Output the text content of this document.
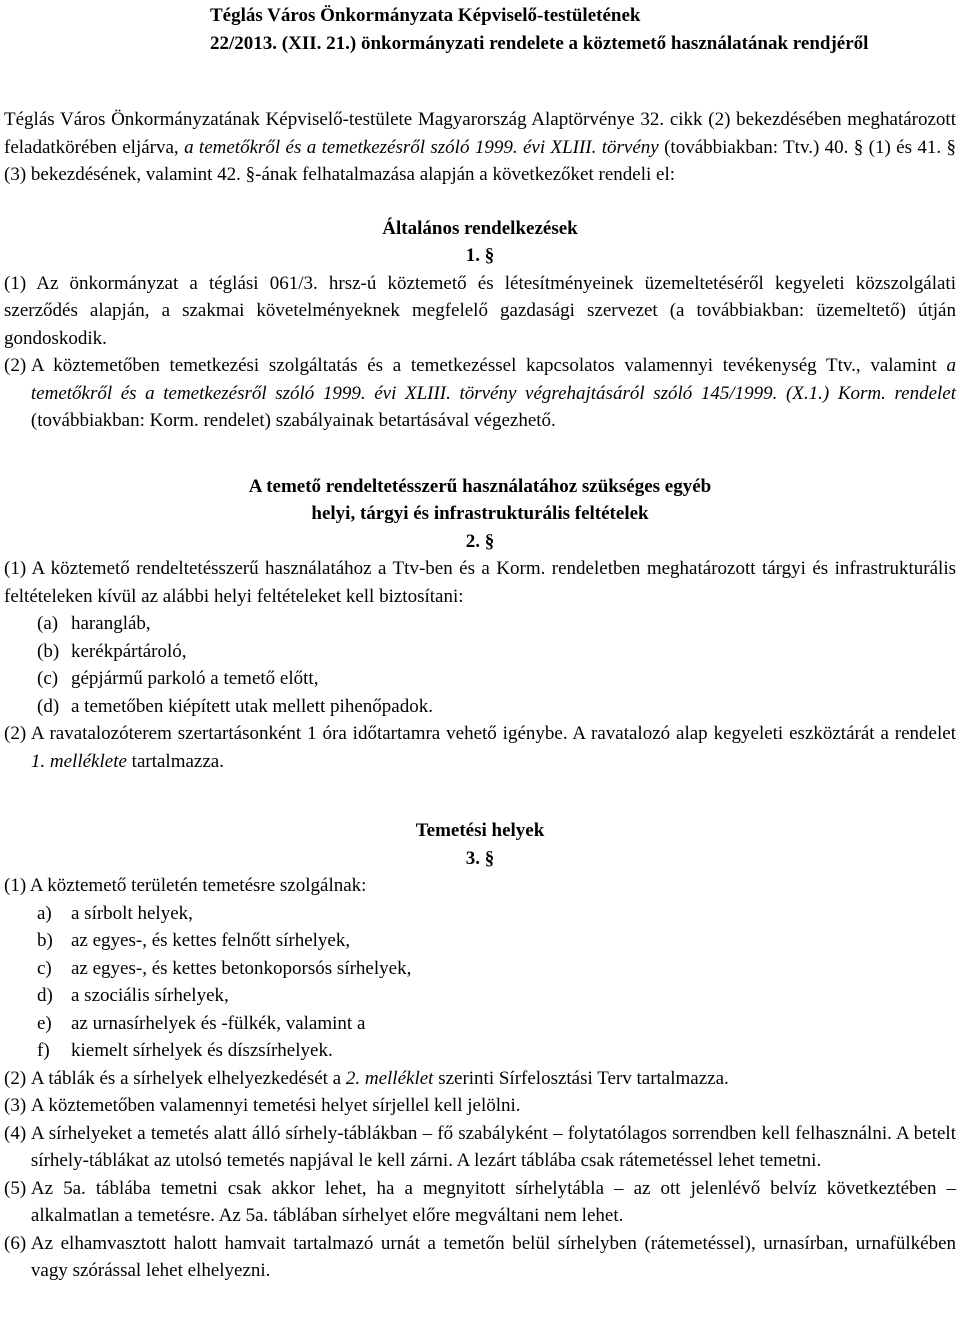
Téglás Város Önkormányzata Képviselő-testületének

22/2013. (XII. 21.) önkormányzati rendelete a köztemető használatának rendjéről

Téglás Város Önkormányzatának Képviselő-testülete Magyarország Alaptörvénye 32. cikk (2) bekezdésében meghatározott feladatkörében eljárva, a temetőkről és a temetkezésről szóló 1999. évi XLIII. törvény (továbbiakban: Ttv.) 40. § (1) és 41. § (3) bekezdésének, valamint 42. §-ának felhatalmazása alapján a következőket rendeli el:

Általános rendelkezések

1. §

(1) Az önkormányzat a téglási 061/3. hrsz-ú köztemető és létesítményeinek üzemeltetéséről kegyeleti közszolgálati szerződés alapján, a szakmai követelményeknek megfelelő gazdasági szervezet (a továbbiakban: üzemeltető) útján gondoskodik.

(2) A köztemetőben temetkezési szolgáltatás és a temetkezéssel kapcsolatos valamennyi tevékenység Ttv., valamint a temetőkről és a temetkezésről szóló 1999. évi XLIII. törvény végrehajtásáról szóló 145/1999. (X.1.) Korm. rendelet (továbbiakban: Korm. rendelet) szabályainak betartásával végezhető.

A temető rendeltetésszerű használatához szükséges egyéb

helyi, tárgyi és infrastrukturális feltételek

2. §

(1) A köztemető rendeltetésszerű használatához a Ttv-ben és a Korm. rendeletben meghatározott tárgyi és infrastrukturális feltételeken kívül az alábbi helyi feltételeket kell biztosítani:

(a) harangláb,
(b) kerékpártároló,
(c) gépjármű parkoló a temető előtt,
(d) a temetőben kiépített utak mellett pihenőpadok.
(2) A ravatalozóterem szertartásonként 1 óra időtartamra vehető igénybe. A ravatalozó alap kegyeleti eszköztárát a rendelet 1. melléklete tartalmazza.

Temetési helyek

3. §

(1) A köztemető területén temetésre szolgálnak:

a)	a sírbolt helyek,
b) az egyes-, és kettes felnőtt sírhelyek,
c)	az egyes-, és kettes betonkoporsós sírhelyek,
d) a szociális sírhelyek,
e)	az urnasírhelyek és -fülkék, valamint a
f)	kiemelt sírhelyek és díszsírhelyek.
(2) A táblák és a sírhelyek elhelyezkedését a 2. melléklet szerinti Sírfelosztási Terv tartalmazza.
(3) A köztemetőben valamennyi temetési helyet sírjellel kell jelölni.
(4) A sírhelyeket a temetés alatt álló sírhely-táblákban – fő szabályként – folytatólagos sorrendben kell felhasználni. A betelt sírhely-táblákat az utolsó temetés napjával le kell zárni. A lezárt táblába csak rátemetéssel lehet temetni.
(5) Az 5a. táblába temetni csak akkor lehet, ha a megnyitott sírhelytábla – az ott jelenlévő belvíz következtében – alkalmatlan a temetésre. Az 5a. táblában sírhelyet előre megváltani nem lehet.
(6) Az elhamvasztott halott hamvait tartalmazó urnát a temetőn belül sírhelyben (rátemetéssel), urnasírban, urnafülkében vagy szórással lehet elhelyezni.
